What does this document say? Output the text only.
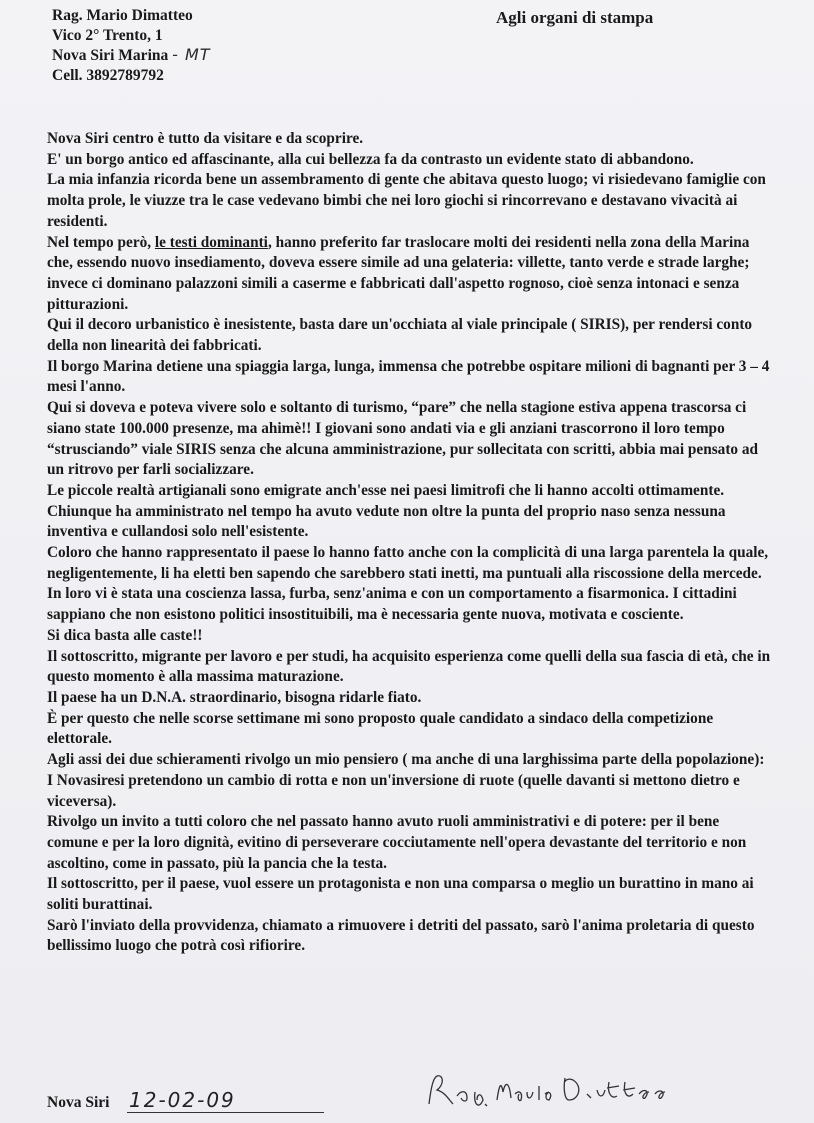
Rag. Mario Dimatteo
Vico 2° Trento, 1
Nova Siri Marina - MT
Cell. 3892789792
Agli organi di stampa

Nova Siri centro è tutto da visitare e da scoprire.

E' un borgo antico ed affascinante, alla cui bellezza fa da contrasto un evidente stato di abbandono.

La mia infanzia ricorda bene un assembramento di gente che abitava questo luogo; vi risiedevano famiglie con molta prole, le viuzze tra le case vedevano bimbi che nei loro giochi si rincorrevano e destavano vivacità ai residenti.

Nel tempo però, le testi dominanti, hanno preferito far traslocare molti dei residenti nella zona della Marina che, essendo nuovo insediamento, doveva essere simile ad una gelateria: villette, tanto verde e strade larghe; invece ci dominano palazzoni simili a caserme e fabbricati dall'aspetto rognoso, cioè senza intonaci e senza pitturazioni.

Qui il decoro urbanistico è inesistente, basta dare un'occhiata al viale principale ( SIRIS), per rendersi conto della non linearità dei fabbricati.

Il borgo Marina detiene una spiaggia larga, lunga, immensa che potrebbe ospitare milioni di bagnanti per 3 – 4 mesi l'anno.

Qui si doveva e poteva vivere solo e soltanto di turismo, “pare” che nella stagione estiva appena trascorsa ci siano state 100.000 presenze, ma ahimè!! I giovani sono andati via e gli anziani trascorrono il loro tempo “strusciando” viale SIRIS senza che alcuna amministrazione, pur sollecitata con scritti, abbia mai pensato ad un ritrovo per farli socializzare.

Le piccole realtà artigianali sono emigrate anch'esse nei paesi limitrofi che li hanno accolti ottimamente.

Chiunque ha amministrato nel tempo ha avuto vedute non oltre la punta del proprio naso senza nessuna inventiva e cullandosi solo nell'esistente.

Coloro che hanno rappresentato il paese lo hanno fatto anche con la complicità di una larga parentela la quale, negligentemente, li ha eletti ben sapendo che sarebbero stati inetti, ma puntuali alla riscossione della mercede.

In loro vi è stata una coscienza lassa, furba, senz'anima e con un comportamento a fisarmonica. I cittadini sappiano che non esistono politici insostituibili, ma è necessaria gente nuova, motivata e cosciente.

Si dica basta alle caste!!

Il sottoscritto, migrante per lavoro e per studi, ha acquisito esperienza come quelli della sua fascia di età, che in questo momento è alla massima maturazione.

Il paese ha un D.N.A. straordinario, bisogna ridarle fiato.

È per questo che nelle scorse settimane mi sono proposto quale candidato a sindaco della competizione elettorale.

Agli assi dei due schieramenti rivolgo un mio pensiero ( ma anche di una larghissima parte della popolazione): I Novasiresi pretendono un cambio di rotta e non un'inversione di ruote (quelle davanti si mettono dietro e viceversa).

Rivolgo un invito a tutti coloro che nel passato hanno avuto ruoli amministrativi e di potere: per il bene comune e per la loro dignità, evitino di perseverare cocciutamente nell'opera devastante del territorio e non ascoltino, come in passato, più la pancia che la testa.

Il sottoscritto, per il paese, vuol essere un protagonista e non una comparsa o meglio un burattino in mano ai soliti burattinai.

Sarò l'inviato della provvidenza, chiamato a rimuovere i detriti del passato, sarò l'anima proletaria di questo bellissimo luogo che potrà così rifiorire.

Nova Siri 12-02-09
